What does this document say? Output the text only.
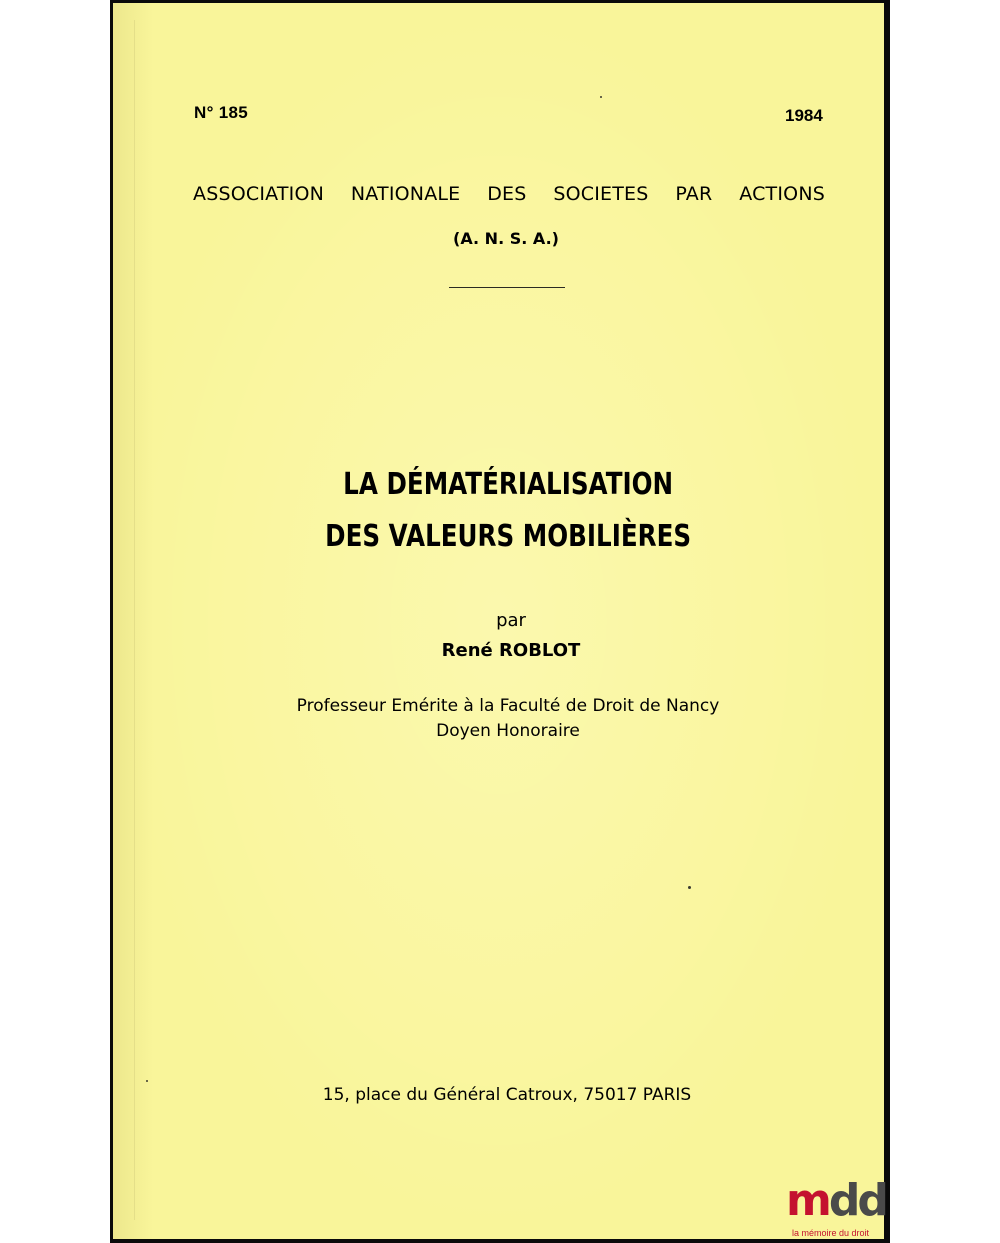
N° 185	1984
ASSOCIATION NATIONALE DES SOCIETES PAR ACTIONS
(A. N. S. A.)
LA DÉMATÉRIALISATION
DES VALEURS MOBILIÈRES
par
René ROBLOT
Professeur Emérite à la Faculté de Droit de Nancy
Doyen Honoraire
15, place du Général Catroux, 75017 PARIS
mdd
la mémoire du droit
